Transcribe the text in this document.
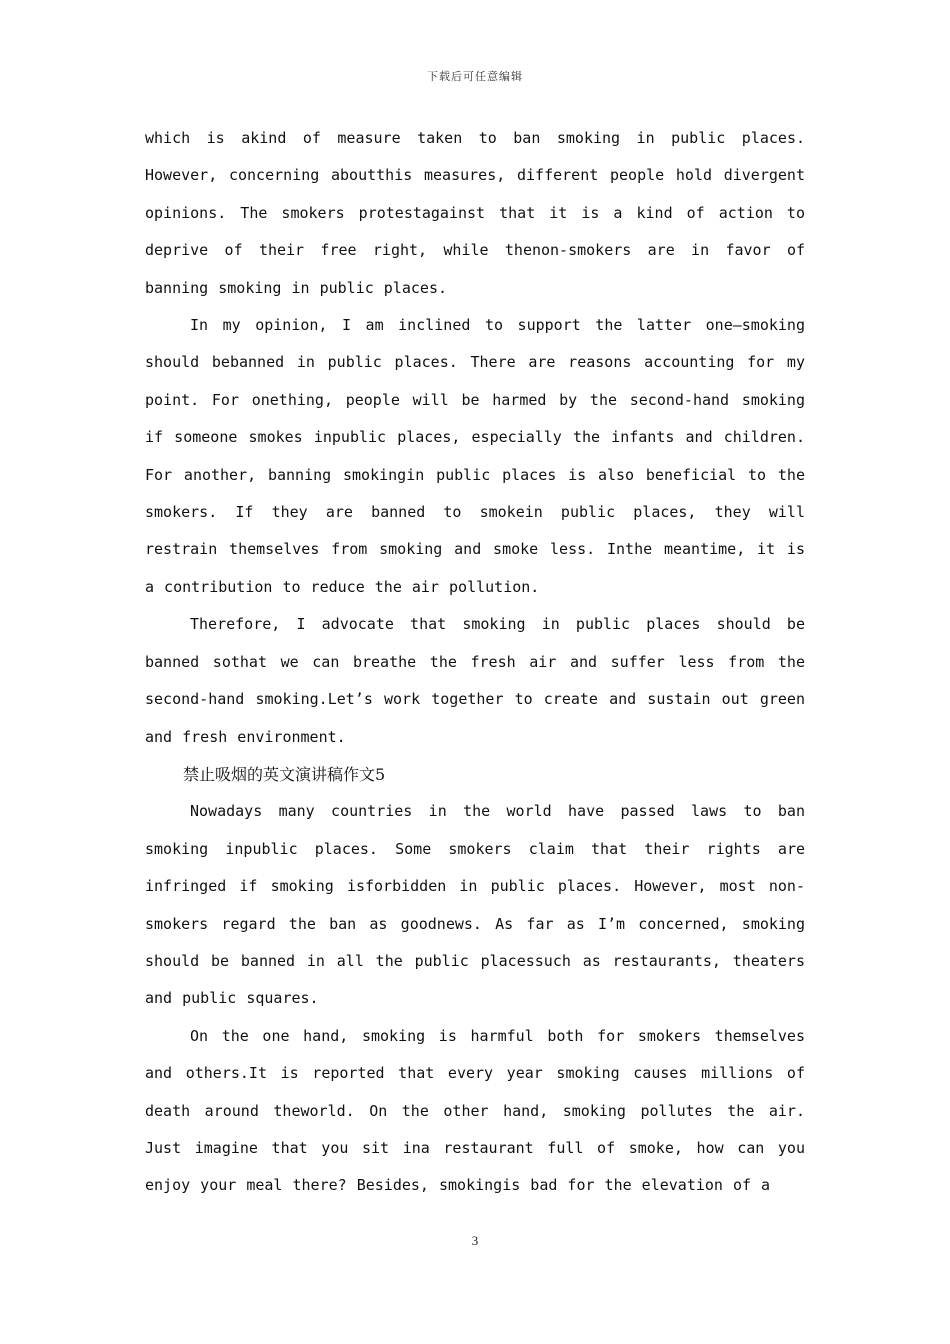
下载后可任意编辑

which is akind of measure taken to ban smoking in public places. However, concerning aboutthis measures, different people hold divergent opinions. The smokers protestagainst that it is a kind of action to deprive of their free right, while thenon-smokers are in favor of banning smoking in public places.

In my opinion, I am inclined to support the latter one—smoking should bebanned in public places. There are reasons accounting for my point. For onething, people will be harmed by the second-hand smoking if someone smokes inpublic places, especially the infants and children. For another, banning smokingin public places is also beneficial to the smokers. If they are banned to smokein public places, they will restrain themselves from smoking and smoke less. Inthe meantime, it is a contribution to reduce the air pollution.

Therefore, I advocate that smoking in public places should be banned sothat we can breathe the fresh air and suffer less from the second-hand smoking.Let’s work together to create and sustain out green and fresh environment.

禁止吸烟的英文演讲稿作文5

Nowadays many countries in the world have passed laws to ban smoking inpublic places. Some smokers claim that their rights are infringed if smoking isforbidden in public places. However, most non-smokers regard the ban as goodnews. As far as I’m concerned, smoking should be banned in all the public placessuch as restaurants, theaters and public squares.

On the one hand, smoking is harmful both for smokers themselves and others.It is reported that every year smoking causes millions of death around theworld. On the other hand, smoking pollutes the air. Just imagine that you sit ina restaurant full of smoke, how can you enjoy your meal there? Besides, smokingis bad for the elevation of a

3
